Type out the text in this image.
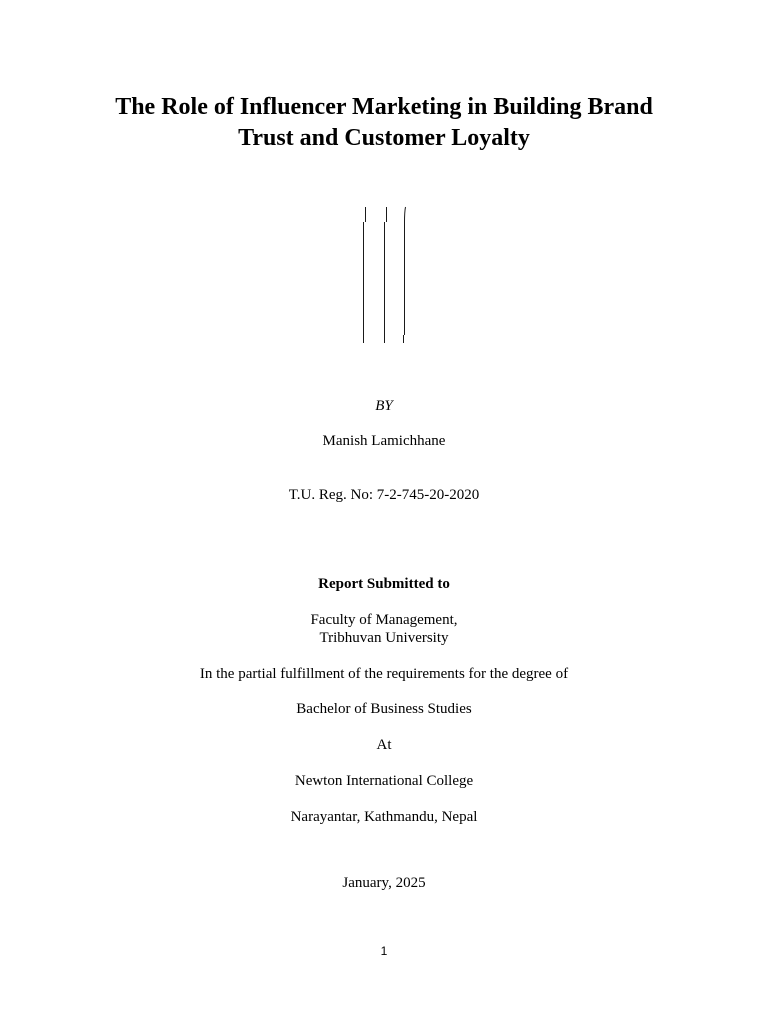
The Role of Influencer Marketing in Building Brand
Trust and Customer Loyalty
BY
Manish Lamichhane
T.U. Reg. No: 7-2-745-20-2020
Report Submitted to
Faculty of Management,
Tribhuvan University
In the partial fulfillment of the requirements for the degree of
Bachelor of Business Studies
At
Newton International College
Narayantar, Kathmandu, Nepal
January, 2025
1
